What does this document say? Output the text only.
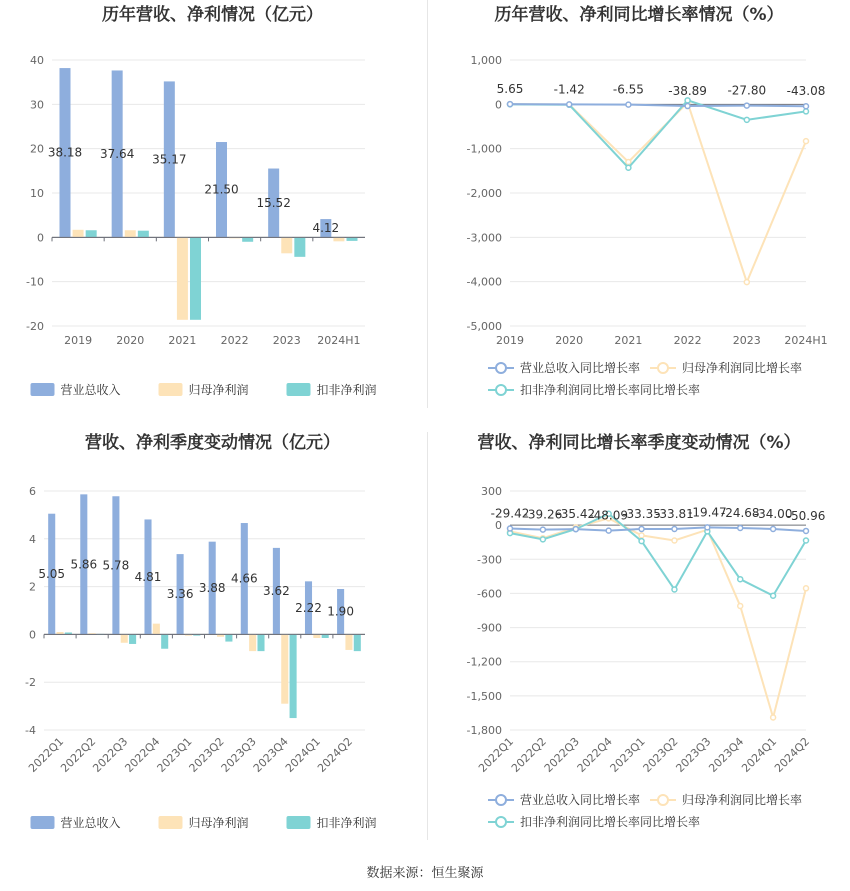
历年营收、净利情况（亿元）
40
30
20
10
0
-10
-20
38.18 37.64 35.17
21.50
15.52
4.12
2019 2020 2021 2022 2023 2024H1
营业总收入	归母净利润	扣非净利润
历年营收、净利同比增长率情况（%）
1,000
0
-1,000
-2,000
-3,000
-4,000
-5,000
5.65	-1.42 -6.55 -38.89 -27.80 -43.08
2019	2020	2021	2022	2023 2024H1
营业总收入同比增长率	归母净利润同比增长率
扣非净利润同比增长率同比增长率
营收、净利季度变动情况（亿元）
6
4
2
0
-2
-4
5.05
5.86 5.78
4.81
3.36 3.88
4.66
3.62
2.22 1.90
2022Q1
2022Q2
2022Q3
2022Q4
2023Q1
2023Q2
2023Q3
2023Q4
2024Q1
2024Q2
营业总收入	归母净利润	扣非净利润
营收、净利同比增长率季度变动情况（%）
300
0
-300
-600
-900
-1,200
-1,500
-1,800
-29.42
-39.26
-35.42
-48.09
-33.35
-33.81
-19.47
-24.68
-34.00
-50.96
2022Q1
2022Q2
2022Q3
2022Q4
2023Q1
2023Q2
2023Q3
2023Q4
2024Q1
2024Q2
营业总收入同比增长率	归母净利润同比增长率
扣非净利润同比增长率同比增长率
数据来源：恒生聚源
